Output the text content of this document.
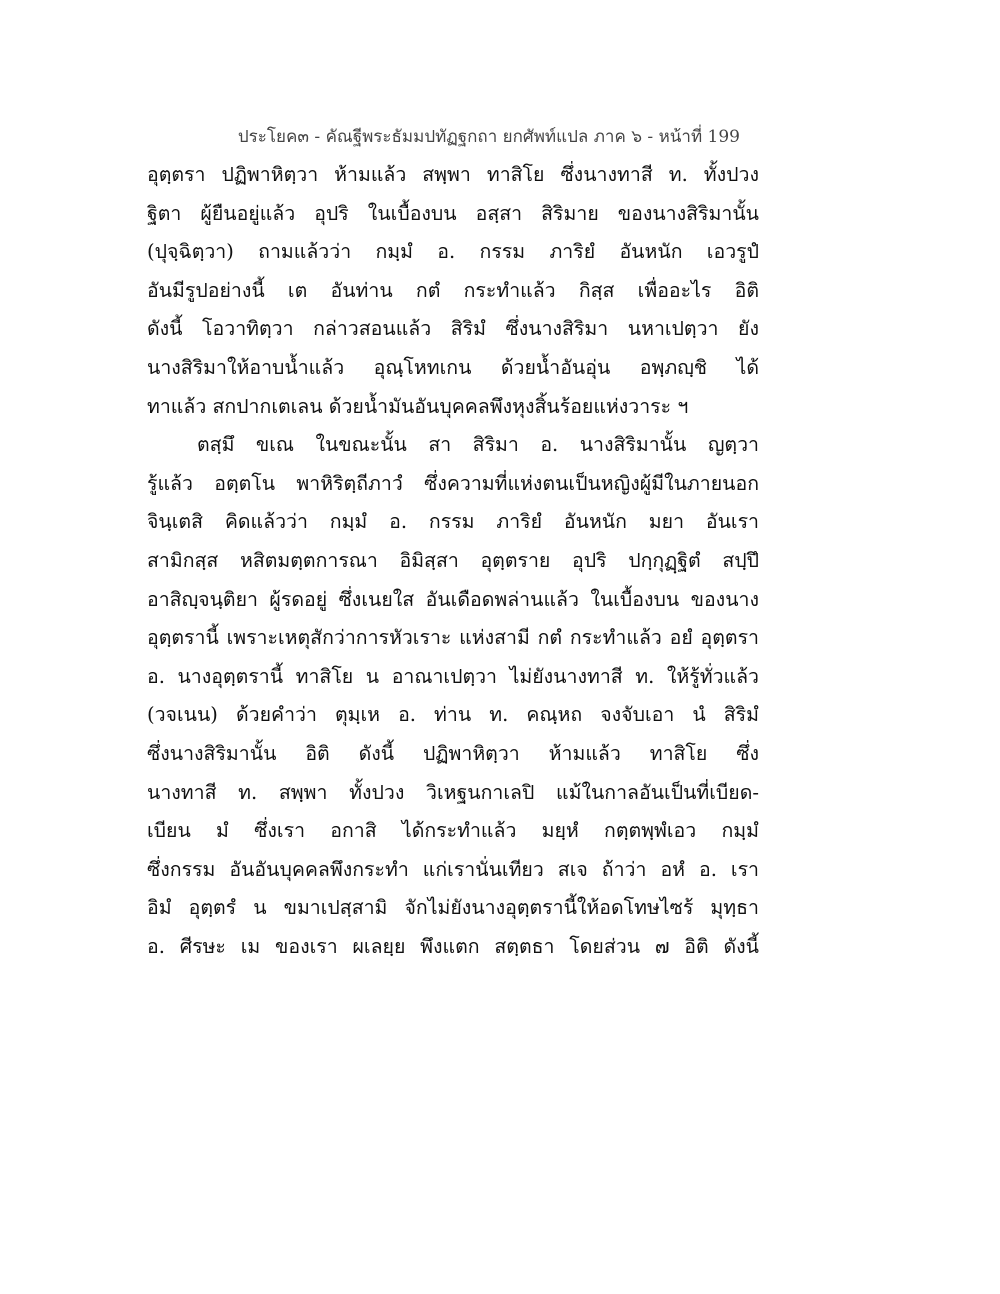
ประโยค๓ - คัณฐีพระธัมมปทัฏฐกถา ยกศัพท์แปล ภาค ๖ - หน้าที่ 199
อุตฺตรา ปฏิพาหิตฺวา ห้ามแล้ว สพฺพา ทาสิโย ซึ่งนางทาสี ท. ทั้งปวง
ฐิตา ผู้ยืนอยู่แล้ว อุปริ ในเบื้องบน อสฺสา สิริมาย ของนางสิริมานั้น
(ปุจฺฉิตฺวา) ถามแล้วว่า กมฺมํ อ. กรรม ภาริยํ อันหนัก เอวรูปํ
อันมีรูปอย่างนี้ เต อันท่าน กตํ กระทำแล้ว กิสฺส เพื่ออะไร อิติ
ดังนี้ โอวาทิตฺวา กล่าวสอนแล้ว สิริมํ ซึ่งนางสิริมา นหาเปตฺวา ยัง
นางสิริมาให้อาบน้ำแล้ว อุณฺโหทเกน ด้วยน้ำอันอุ่น อพฺภญฺชิ ได้
ทาแล้ว สกปากเตเลน ด้วยน้ำมันอันบุคคลพึงหุงสิ้นร้อยแห่งวาระ ฯ
ตสฺมึ ขเณ ในขณะนั้น สา สิริมา อ. นางสิริมานั้น ญตฺวา
รู้แล้ว อตฺตโน พาหิริตฺถีภาวํ ซึ่งความที่แห่งตนเป็นหญิงผู้มีในภายนอก
จินฺเตสิ คิดแล้วว่า กมฺมํ อ. กรรม ภาริยํ อันหนัก มยา อันเรา
สามิกสฺส หสิตมตฺตการณา อิมิสฺสา อุตฺตราย อุปริ ปกฺกุฏฺฐิตํ สปฺปึ
อาสิญฺจนฺติยา ผู้รดอยู่ ซึ่งเนยใส อันเดือดพล่านแล้ว ในเบื้องบน ของนาง
อุตฺตรานี้ เพราะเหตุสักว่าการหัวเราะ แห่งสามี กตํ กระทำแล้ว อยํ อุตฺตรา
อ. นางอุตฺตรานี้ ทาสิโย น อาณาเปตฺวา ไม่ยังนางทาสี ท. ให้รู้ทั่วแล้ว
(วจเนน) ด้วยคำว่า ตุมฺเห อ. ท่าน ท. คณฺหถ จงจับเอา นํ สิริมํ
ซึ่งนางสิริมานั้น อิติ ดังนี้ ปฏิพาหิตฺวา ห้ามแล้ว ทาสิโย ซึ่ง
นางทาสี ท. สพฺพา ทั้งปวง วิเหฐนกาเลปิ แม้ในกาลอันเป็นที่เบียด-
เบียน มํ ซึ่งเรา อกาสิ ได้กระทำแล้ว มยฺหํ กตฺตพฺพํเอว กมฺมํ
ซึ่งกรรม อันอันบุคคลพึงกระทำ แก่เรานั่นเทียว สเจ ถ้าว่า อหํ อ. เรา
อิมํ อุตฺตรํ น ขมาเปสฺสามิ จักไม่ยังนางอุตฺตรานี้ให้อดโทษไซร้ มุทฺธา
อ. ศีรษะ เม ของเรา ผเลยฺย พึงแตก สตฺตธา โดยส่วน ๗ อิติ ดังนี้
